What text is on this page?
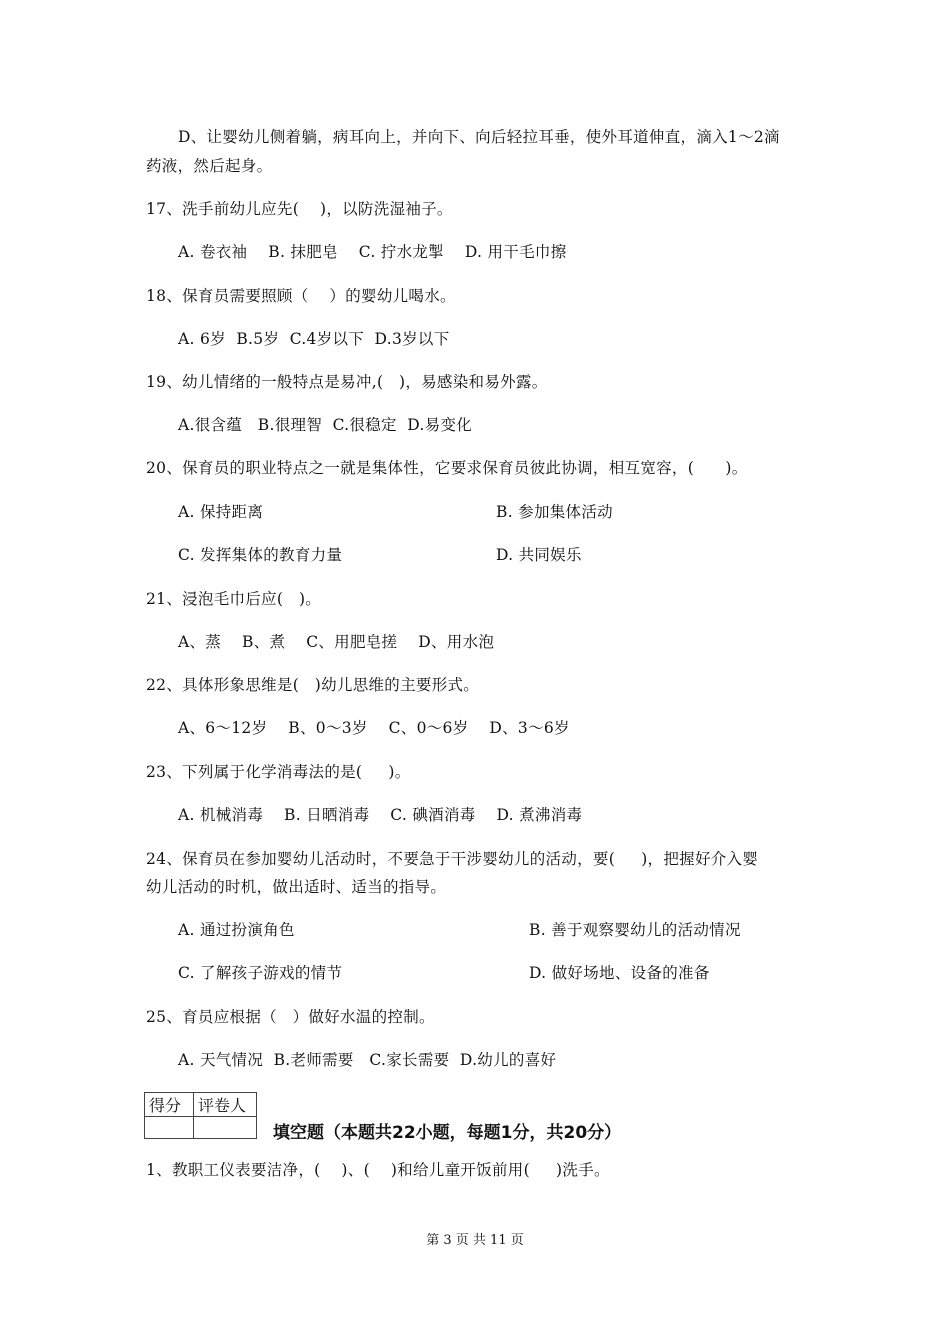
D、让婴幼儿侧着躺，病耳向上，并向下、向后轻拉耳垂，使外耳道伸直，滴入1～2滴
药液，然后起身。
17、洗手前幼儿应先(    )，以防洗湿袖子。
A. 卷衣袖    B. 抹肥皂    C. 拧水龙掣    D. 用干毛巾擦
18、保育员需要照顾（    ）的婴幼儿喝水。
A. 6岁  B.5岁  C.4岁以下  D.3岁以下
19、幼儿情绪的一般特点是易冲,(   )，易感染和易外露。
A.很含蕴   B.很理智  C.很稳定  D.易变化
20、保育员的职业特点之一就是集体性，它要求保育员彼此协调，相互宽容，(      )。
A. 保持距离	B. 参加集体活动
C. 发挥集体的教育力量	D. 共同娱乐
21、浸泡毛巾后应(   )。
A、蒸    B、煮    C、用肥皂搓    D、用水泡
22、具体形象思维是(   )幼儿思维的主要形式。
A、6～12岁    B、0～3岁    C、0～6岁    D、3～6岁
23、下列属于化学消毒法的是(     )。
A. 机械消毒    B. 日晒消毒    C. 碘酒消毒    D. 煮沸消毒
24、保育员在参加婴幼儿活动时，不要急于干涉婴幼儿的活动，要(     )，把握好介入婴
幼儿活动的时机，做出适时、适当的指导。
A. 通过扮演角色	B. 善于观察婴幼儿的活动情况
C. 了解孩子游戏的情节	D. 做好场地、设备的准备
25、育员应根据（   ）做好水温的控制。
A. 天气情况  B.老师需要   C.家长需要  D.幼儿的喜好
得分	评卷人

填空题（本题共22小题，每题1分，共20分）
1、教职工仪表要洁净，(    )、(    )和给儿童开饭前用(     )洗手。
第 3 页 共 11 页
